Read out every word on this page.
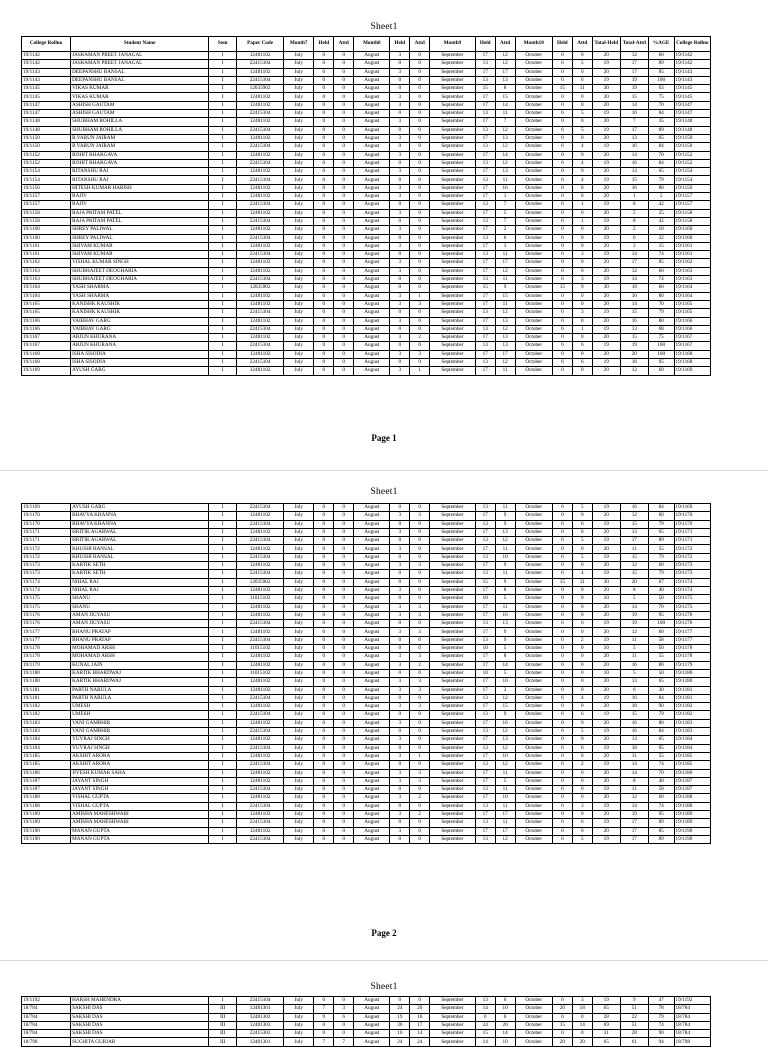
Sheet1
College Rollno	Student Name	Sem	Paper Code	Month7	Held	Attd	Month8	Held	Attd	Month9	Held	Attd	Month10	Held	Attd	Total-Held	Total-Attd	%AGE	College Rollno
19/1142	JASRAMAN PREET JANAGAL	I	12481102	July	0	0	August	3	0	September	17	12	October	0	0	20	12	60	19/1142
19/1142	JASRAMAN PREET JANAGAL	I	22415104	July	0	0	August	0	0	September	13	12	October	6	5	19	17	89	19/1142
19/1143	DEEPANSHU BANSAL	I	12481102	July	0	0	August	3	0	September	17	17	October	0	0	20	17	85	19/1143
19/1143	DEEPANSHU BANSAL	I	22415104	July	0	0	August	0	0	September	13	13	October	6	6	19	19	100	19/1143
19/1145	VIKAS KUMAR	I	12035902	July	0	0	August	0	0	September	15	8	October	15	11	30	19	63	19/1145
19/1145	VIKAS KUMAR	I	12481102	July	0	0	August	3	0	September	17	15	October	0	0	20	15	75	19/1145
19/1147	ASHISH GAUTAM	I	12481102	July	0	0	August	3	0	September	17	14	October	0	0	20	14	70	19/1147
19/1147	ASHISH GAUTAM	I	22415104	July	0	0	August	0	0	September	13	11	October	6	5	19	16	84	19/1147
19/1148	SHUBHAM ROHILLA	I	12481102	July	0	0	August	3	0	September	17	7	October	0	0	20	7	35	19/1148
19/1148	SHUBHAM ROHILLA	I	22415104	July	0	0	August	0	0	September	13	12	October	6	5	19	17	89	19/1148
19/1150	R VARUN JAIRAM	I	12481102	July	0	0	August	3	0	September	17	13	October	0	0	20	13	65	19/1150
19/1150	R VARUN JAIRAM	I	22415104	July	0	0	August	0	0	September	13	12	October	6	4	19	16	84	19/1150
19/1152	ROHIT BHARGAVA	I	12481102	July	0	0	August	3	0	September	17	14	October	0	0	20	14	70	19/1152
19/1152	ROHIT BHARGAVA	I	22415104	July	0	0	August	0	0	September	13	12	October	6	4	19	16	84	19/1152
19/1154	RITANSHU RAJ	I	12481102	July	0	0	August	3	0	September	17	13	October	0	0	20	13	65	19/1154
19/1154	RITANSHU RAJ	I	22415104	July	0	0	August	0	0	September	13	11	October	6	4	19	15	79	19/1154
19/1156	HITESH KUMAR HARISH	I	12481102	July	0	0	August	3	0	September	17	16	October	0	0	20	16	80	19/1156
19/1157	RAJIV	I	12481102	July	0	0	August	3	0	September	17	1	October	0	0	20	1	5	19/1157
19/1157	RAJIV	I	22415104	July	0	0	August	0	0	September	13	7	October	6	1	19	8	42	19/1157
19/1158	RAJA PRITAM PATEL	I	12481102	July	0	0	August	3	0	September	17	5	October	0	0	20	5	25	19/1158
19/1158	RAJA PRITAM PATEL	I	22415104	July	0	0	August	0	0	September	13	7	October	6	1	19	8	42	19/1158
19/1160	SHREY PALIWAL	I	12481102	July	0	0	August	3	0	September	17	2	October	0	0	20	2	10	19/1160
19/1160	SHREY PALIWAL	I	22415104	July	0	0	August	0	0	September	13	6	October	6	0	19	6	32	19/1160
19/1161	SHIVAM KUMAR	I	12481102	July	0	0	August	3	0	September	17	3	October	0	0	20	3	15	19/1161
19/1161	SHIVAM KUMAR	I	22415104	July	0	0	August	0	0	September	13	11	October	6	3	19	14	74	19/1161
19/1162	VISHAL KUMAR SINGH	I	12481102	July	0	0	August	3	0	September	17	17	October	0	0	20	17	85	19/1162
19/1163	SHUBHAJEET DEOGHARIA	I	12481102	July	0	0	August	3	0	September	17	12	October	0	0	20	12	60	19/1163
19/1163	SHUBHAJEET DEOGHARIA	I	22415104	July	0	0	August	0	0	September	13	11	October	6	3	19	14	74	19/1163
19/1164	YASH SHARMA	I	12035902	July	0	0	August	0	0	September	15	9	October	15	9	30	18	60	19/1164
19/1164	YASH SHARMA	I	12481102	July	0	0	August	3	1	September	17	15	October	0	0	20	16	80	19/1164
19/1165	KANISHK KAUSHIK	I	12481102	July	0	0	August	3	3	September	17	11	October	0	0	20	14	70	19/1165
19/1165	KANISHK KAUSHIK	I	22415104	July	0	0	August	0	0	September	13	12	October	6	3	19	15	79	19/1165
19/1166	VAIBHAV GARG	I	12481102	July	0	0	August	3	0	September	17	13	October	0	0	20	16	80	19/1166
19/1166	VAIBHAV GARG	I	22415104	July	0	0	August	0	0	September	13	12	October	6	1	19	13	68	19/1166
19/1167	ARJUN KHURANA	I	12481102	July	0	0	August	3	2	September	17	13	October	0	0	20	15	75	19/1167
19/1167	ARJUN KHURANA	I	22415104	July	0	0	August	0	0	September	13	13	October	6	6	19	19	100	19/1167
19/1168	ISHA SISODIA	I	12481102	July	0	0	August	3	3	September	17	17	October	0	0	20	20	100	19/1168
19/1168	ISHA SISODIA	I	22415104	July	0	0	August	0	0	September	13	12	October	6	6	19	18	95	19/1168
19/1169	AYUSH GARG	I	12481102	July	0	0	August	3	1	September	17	11	October	0	0	20	12	60	19/1169
Page 1
Sheet1
19/1169	AYUSH GARG	I	22415104	July	0	0	August	0	0	September	13	11	October	6	5	19	16	84	19/1169
19/1170	BHAVYA KHANNA	I	12481102	July	0	0	August	3	3	September	17	9	October	0	0	20	12	60	19/1170
19/1170	BHAVYA KHANNA	I	22415104	July	0	0	August	0	0	September	13	9	October	6	6	19	15	79	19/1170
19/1171	HRITIK AGARWAL	I	12481102	July	0	0	August	3	0	September	17	13	October	0	0	20	13	65	19/1171
19/1171	HRITIK AGARWAL	I	22415104	July	0	0	August	0	0	September	13	12	October	6	5	19	17	89	19/1171
19/1172	KHUSHI BANSAL	I	12481102	July	0	0	August	3	0	September	17	11	October	0	0	20	11	55	19/1172
19/1172	KHUSHI BANSAL	I	22415104	July	0	0	August	0	0	September	13	10	October	6	5	19	15	79	19/1172
19/1173	KARTIK SETH	I	12481102	July	0	0	August	3	3	September	17	9	October	0	0	20	12	60	19/1173
19/1173	KARTIK SETH	I	22415104	July	0	0	August	0	0	September	13	11	October	6	4	19	15	79	19/1173
19/1174	NIHAL RAJ	I	12035902	July	0	0	August	0	0	September	15	9	October	15	11	30	20	67	19/1174
19/1174	NIHAL RAJ	I	12481102	July	0	0	August	3	0	September	17	8	October	0	0	20	8	40	19/1174
19/1175	SHANU	I	11015102	July	0	0	August	0	0	September	10	5	October	0	0	10	5	50	19/1175
19/1175	SHANU	I	12481102	July	0	0	August	3	3	September	17	11	October	0	0	20	14	70	19/1175
19/1176	AMAN JIGYASU	I	12481102	July	0	0	August	3	3	September	17	16	October	0	0	20	19	95	19/1176
19/1176	AMAN JIGYASU	I	22415104	July	0	0	August	0	0	September	13	13	October	6	6	19	19	100	19/1176
19/1177	BHANU PRATAP	I	12481102	July	0	0	August	3	3	September	17	9	October	0	0	20	12	60	19/1177
19/1177	BHANU PRATAP	I	22415104	July	0	0	August	0	0	September	13	9	October	6	2	19	11	58	19/1177
19/1178	MOHAMAD ARSH	I	11015102	July	0	0	August	0	0	September	10	5	October	0	0	10	5	50	19/1178
19/1178	MOHAMAD ARSH	I	12481102	July	0	0	August	3	3	September	17	8	October	0	0	20	11	55	19/1178
19/1179	KUNAL JAIN	I	12481102	July	0	0	August	3	2	September	17	14	October	0	0	20	16	80	19/1179
19/1180	KARTIK BHARDWAJ	I	11015102	July	0	0	August	0	0	September	10	5	October	0	0	10	5	50	19/1180
19/1180	KARTIK BHARDWAJ	I	12481102	July	0	0	August	3	3	September	17	10	October	0	0	20	13	65	19/1180
19/1181	PARTH NARULA	I	12481102	July	0	0	August	3	3	September	17	3	October	0	0	20	6	30	19/1181
19/1181	PARTH NARULA	I	22415104	July	0	0	August	0	0	September	13	12	October	6	4	19	16	84	19/1181
19/1182	UMESH	I	12481102	July	0	0	August	3	3	September	17	15	October	0	0	20	18	90	19/1182
19/1182	UMESH	I	22415104	July	0	0	August	0	0	September	13	9	October	6	6	19	15	79	19/1182
19/1183	VANI GAMBHIR	I	12481102	July	0	0	August	3	0	September	17	16	October	0	0	20	16	80	19/1183
19/1183	VANI GAMBHIR	I	22415104	July	0	0	August	0	0	September	13	12	October	6	5	19	16	84	19/1183
19/1184	YUVRAJ SINGH	I	12481102	July	0	0	August	3	0	September	17	13	October	0	0	20	13	65	19/1184
19/1184	YUVRAJ SINGH	I	22415104	July	0	0	August	0	0	September	13	12	October	6	6	19	18	95	19/1184
19/1185	AKSHIT ARORA	I	12481102	July	0	0	August	3	1	September	17	10	October	0	0	20	11	55	19/1185
19/1185	AKSHIT ARORA	I	22415104	July	0	0	August	0	0	September	13	12	October	6	2	19	14	74	19/1185
19/1186	JIVESH KUMAR SAHA	I	12481102	July	0	0	August	3	3	September	17	11	October	0	0	20	14	70	19/1186
19/1187	JAYANT SINGH	I	12481102	July	0	0	August	3	3	September	17	5	October	0	0	20	8	40	19/1187
19/1187	JAYANT SINGH	I	22415104	July	0	0	August	0	0	September	13	11	October	6	0	19	11	58	19/1187
19/1188	VISHAL GUPTA	I	12481102	July	0	0	August	3	2	September	17	10	October	0	0	20	12	60	19/1188
19/1188	VISHAL GUPTA	I	22415104	July	0	0	August	0	0	September	13	11	October	6	3	19	14	74	19/1188
19/1189	AMISHA MAHESHWARI	I	12481102	July	0	0	August	3	2	September	17	17	October	0	0	20	19	95	19/1189
19/1189	AMISHA MAHESHWARI	I	22415104	July	0	0	August	0	0	September	13	11	October	6	6	19	17	89	19/1189
19/1190	MANAN GUPTA	I	12481102	July	0	0	August	3	0	September	17	17	October	0	0	20	17	85	19/1190
19/1190	MANAN GUPTA	I	22415104	July	0	0	August	0	0	September	13	12	October	6	5	19	17	89	19/1190
Page 2
Sheet1
19/1192	HARSH MAHENDRA	I	22415104	July	0	0	August	0	0	September	13	6	October	6	3	19	9	47	19/1192
18/784	SAKSHI DAS	III	12481301	July	7	3	August	24	20	September	14	10	October	20	18	65	51	78	18/784
18/784	SAKSHI DAS	III	12481302	July	9	6	August	19	16	September	0	0	October	0	0	28	22	79	18/784
18/784	SAKSHI DAS	III	12481303	July	0	0	August	30	17	September	24	20	October	15	14	69	51	74	18/784
18/784	SAKSHI DAS	III	22415302	July	0	0	August	16	14	September	15	14	October	0	0	31	28	90	18/784
18/798	SUCHITA GURJAR	III	12481301	July	7	7	August	24	24	September	14	10	October	20	20	65	61	94	18/798
